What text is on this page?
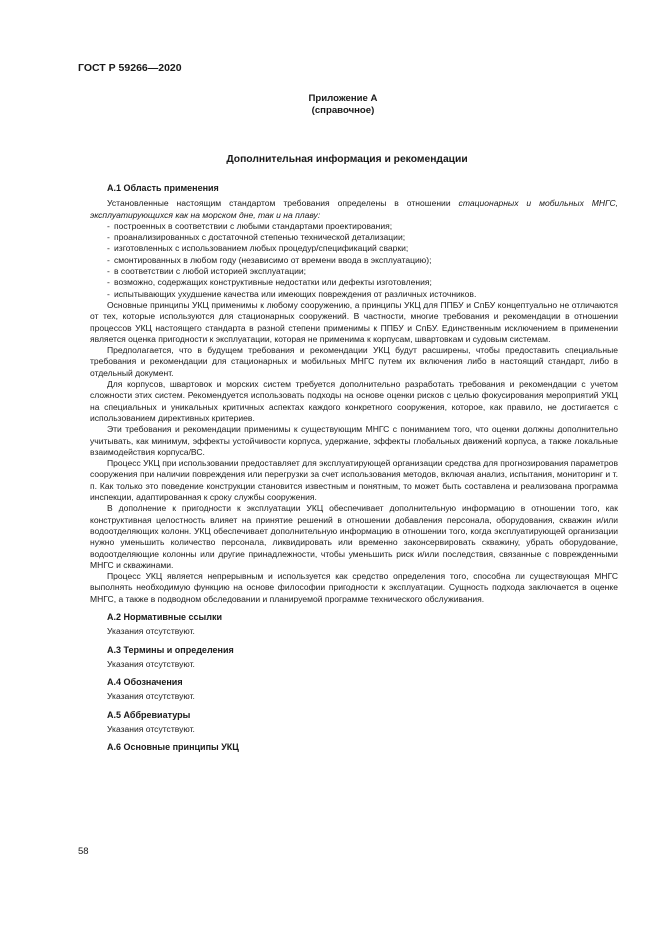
ГОСТ Р 59266—2020
Приложение А
(справочное)
Дополнительная информация и рекомендации
А.1 Область применения

Установленные настоящим стандартом требования определены в отношении стационарных и мобильных МНГС, эксплуатирующихся как на морском дне, так и на плаву:

- построенных в соответствии с любыми стандартами проектирования;
- проанализированных с достаточной степенью технической детализации;
- изготовленных с использованием любых процедур/спецификаций сварки;
- смонтированных в любом году (независимо от времени ввода в эксплуатацию);
- в соответствии с любой историей эксплуатации;
- возможно, содержащих конструктивные недостатки или дефекты изготовления;
- испытывающих ухудшение качества или имеющих повреждения от различных источников.

Основные принципы УКЦ применимы к любому сооружению, а принципы УКЦ для ППБУ и СпБУ концептуально не отличаются от тех, которые используются для стационарных сооружений. В частности, многие требования и рекомендации в отношении процессов УКЦ настоящего стандарта в разной степени применимы к ППБУ и СпБУ. Единственным исключением в применении является оценка пригодности к эксплуатации, которая не применима к корпусам, швартовкам и судовым системам.

Предполагается, что в будущем требования и рекомендации УКЦ будут расширены, чтобы предоставить специальные требования и рекомендации для стационарных и мобильных МНГС путем их включения либо в настоящий стандарт, либо в отдельный документ.

Для корпусов, швартовок и морских систем требуется дополнительно разработать требования и рекомендации с учетом сложности этих систем. Рекомендуется использовать подходы на основе оценки рисков с целью фокусирования мероприятий УКЦ на специальных и уникальных критичных аспектах каждого конкретного сооружения, которое, как правило, не достигается с использованием директивных критериев.

Эти требования и рекомендации применимы к существующим МНГС с пониманием того, что оценки должны дополнительно учитывать, как минимум, эффекты устойчивости корпуса, удержание, эффекты глобальных движений корпуса, а также локальные взаимодействия корпуса/ВС.

Процесс УКЦ при использовании предоставляет для эксплуатирующей организации средства для прогнозирования параметров сооружения при наличии повреждения или перегрузки за счет использования методов, включая анализ, испытания, мониторинг и т. п. Как только это поведение конструкции становится известным и понятным, то может быть составлена и реализована программа инспекции, адаптированная к сроку службы сооружения.

В дополнение к пригодности к эксплуатации УКЦ обеспечивает дополнительную информацию в отношении того, как конструктивная целостность влияет на принятие решений в отношении добавления персонала, оборудования, скважин и/или водоотделяющих колонн. УКЦ обеспечивает дополнительную информацию в отношении того, когда эксплуатирующей организации нужно уменьшить количество персонала, ликвидировать или временно законсервировать скважину, убрать оборудование, водоотделяющие колонны или другие принадлежности, чтобы уменьшить риск и/или последствия, связанные с поврежденными МНГС и скважинами.

Процесс УКЦ является непрерывным и используется как средство определения того, способна ли существующая МНГС выполнять необходимую функцию на основе философии пригодности к эксплуатации. Сущность подхода заключается в оценке МНГС, а также в подводном обследовании и планируемой программе технического обслуживания.

А.2 Нормативные ссылки

Указания отсутствуют.

А.3 Термины и определения

Указания отсутствуют.

А.4 Обозначения

Указания отсутствуют.

А.5 Аббревиатуры

Указания отсутствуют.

А.6 Основные принципы УКЦ
58
